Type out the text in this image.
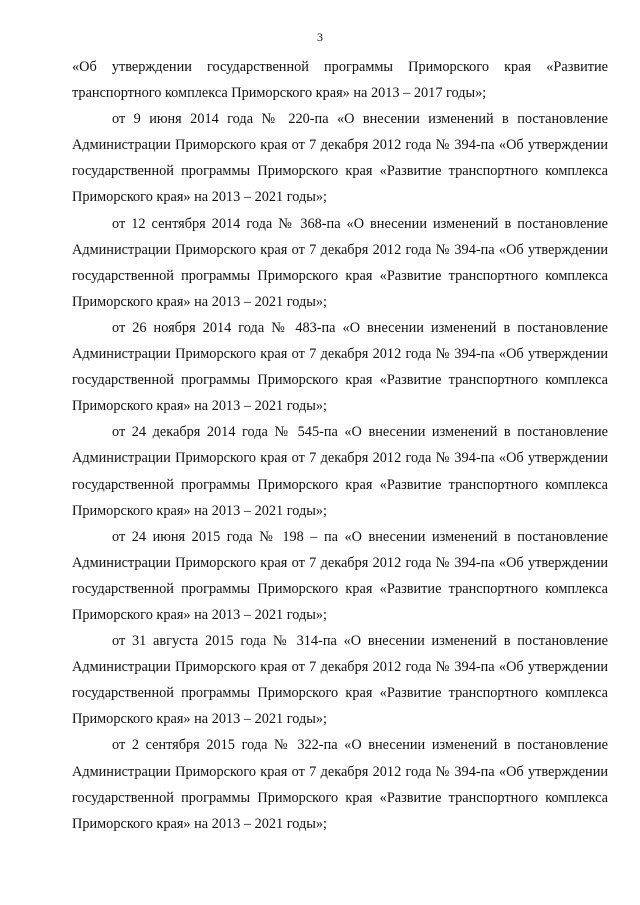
3

«Об утверждении государственной программы Приморского края «Развитие транспортного комплекса Приморского края» на 2013 – 2017 годы»;

от 9 июня 2014 года № 220-па «О внесении изменений в постановление Администрации Приморского края от 7 декабря 2012 года № 394-па «Об утверждении государственной программы Приморского края «Развитие транспортного комплекса Приморского края» на 2013 – 2021 годы»;

от 12 сентября 2014 года № 368-па «О внесении изменений в постановление Администрации Приморского края от 7 декабря 2012 года № 394-па «Об утверждении государственной программы Приморского края «Развитие транспортного комплекса Приморского края» на 2013 – 2021 годы»;

от 26 ноября 2014 года № 483-па «О внесении изменений в постановление Администрации Приморского края от 7 декабря 2012 года № 394-па «Об утверждении государственной программы Приморского края «Развитие транспортного комплекса Приморского края» на 2013 – 2021 годы»;

от 24 декабря 2014 года № 545-па «О внесении изменений в постановление Администрации Приморского края от 7 декабря 2012 года № 394-па «Об утверждении государственной программы Приморского края «Развитие транспортного комплекса Приморского края» на 2013 – 2021 годы»;

от 24 июня 2015 года № 198 – па «О внесении изменений в постановление Администрации Приморского края от 7 декабря 2012 года № 394-па «Об утверждении государственной программы Приморского края «Развитие транспортного комплекса Приморского края» на 2013 – 2021 годы»;

от 31 августа 2015 года № 314-па «О внесении изменений в постановление Администрации Приморского края от 7 декабря 2012 года № 394-па «Об утверждении государственной программы Приморского края «Развитие транспортного комплекса Приморского края» на 2013 – 2021 годы»;

от 2 сентября 2015 года № 322-па «О внесении изменений в постановление Администрации Приморского края от 7 декабря 2012 года № 394-па «Об утверждении государственной программы Приморского края «Развитие транспортного комплекса Приморского края» на 2013 – 2021 годы»;
